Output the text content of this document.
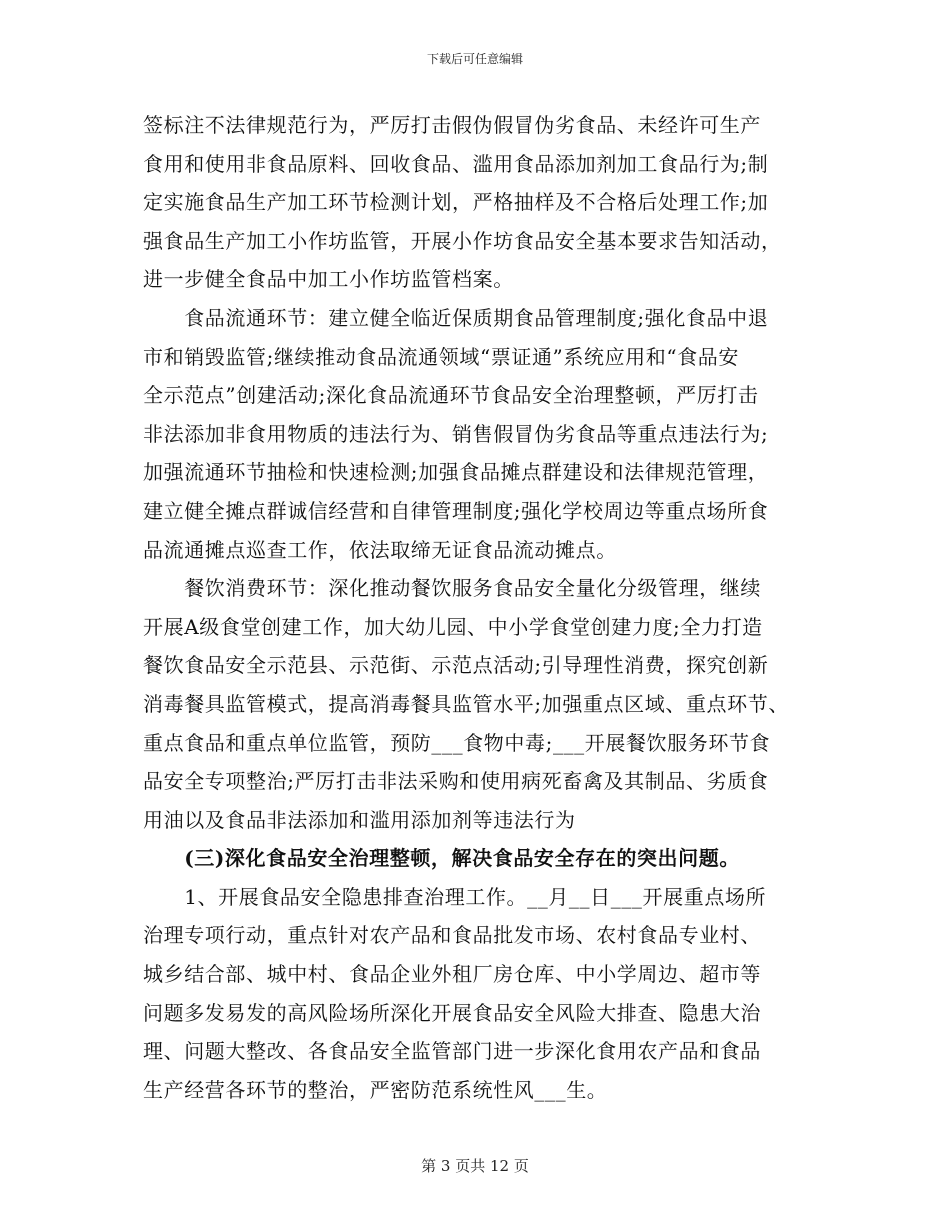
下载后可任意编辑
签标注不法律规范行为，严厉打击假伪假冒伪劣食品、未经许可生产
食用和使用非食品原料、回收食品、滥用食品添加剂加工食品行为;制
定实施食品生产加工环节检测计划，严格抽样及不合格后处理工作;加
强食品生产加工小作坊监管，开展小作坊食品安全基本要求告知活动，
进一步健全食品中加工小作坊监管档案。
　　食品流通环节：建立健全临近保质期食品管理制度;强化食品中退
市和销毁监管;继续推动食品流通领域“票证通”系统应用和“食品安
全示范点”创建活动;深化食品流通环节食品安全治理整顿，严厉打击
非法添加非食用物质的违法行为、销售假冒伪劣食品等重点违法行为;
加强流通环节抽检和快速检测;加强食品摊点群建设和法律规范管理，
建立健全摊点群诚信经营和自律管理制度;强化学校周边等重点场所食
品流通摊点巡查工作，依法取缔无证食品流动摊点。
　　餐饮消费环节：深化推动餐饮服务食品安全量化分级管理，继续
开展A级食堂创建工作，加大幼儿园、中小学食堂创建力度;全力打造
餐饮食品安全示范县、示范街、示范点活动;引导理性消费，探究创新
消毒餐具监管模式，提高消毒餐具监管水平;加强重点区域、重点环节、
重点食品和重点单位监管，预防___食物中毒;___开展餐饮服务环节食
品安全专项整治;严厉打击非法采购和使用病死畜禽及其制品、劣质食
用油以及食品非法添加和滥用添加剂等违法行为
　　(三)深化食品安全治理整顿，解决食品安全存在的突出问题。
　　1、开展食品安全隐患排查治理工作。__月__日___开展重点场所
治理专项行动，重点针对农产品和食品批发市场、农村食品专业村、
城乡结合部、城中村、食品企业外租厂房仓库、中小学周边、超市等
问题多发易发的高风险场所深化开展食品安全风险大排查、隐患大治
理、问题大整改、各食品安全监管部门进一步深化食用农产品和食品
生产经营各环节的整治，严密防范系统性风___生。
第 3 页共 12 页
